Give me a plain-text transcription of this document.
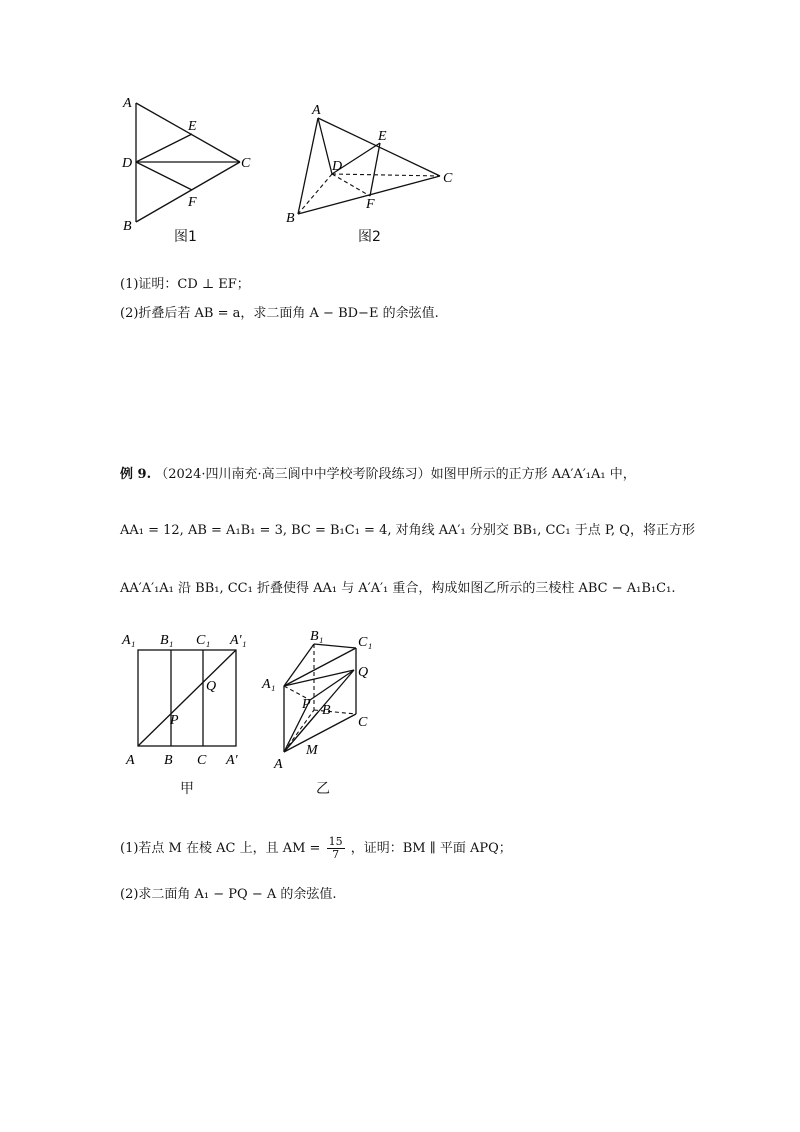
A
E
D	C
F
B
图1
A
E
D
C
F
B
图2
(1)证明：CD ⊥ EF；
(2)折叠后若 AB = a，求二面角 A − BD−E 的余弦值.
例 9. （2024·四川南充·高三阆中中学校考阶段练习）如图甲所示的正方形 AA′A′₁A₁ 中，
AA₁ = 12, AB = A₁B₁ = 3, BC = B₁C₁ = 4, 对角线 AA′₁ 分别交 BB₁, CC₁ 于点 P, Q，将正方形
AA′A′₁A₁ 沿 BB₁, CC₁ 折叠使得 AA₁ 与 A′A′₁ 重合，构成如图乙所示的三棱柱 ABC − A₁B₁C₁.
A₁ B₁ C₁ A′₁
Q
P
A B C A′
甲
B₁ C₁
Q
A₁
P B
C
M
A
乙
(1)若点 M 在棱 AC 上，且 AM = $\frac{15}{7}$ ，证明：BM ∥ 平面 APQ；
(2)求二面角 A₁ − PQ − A 的余弦值.
